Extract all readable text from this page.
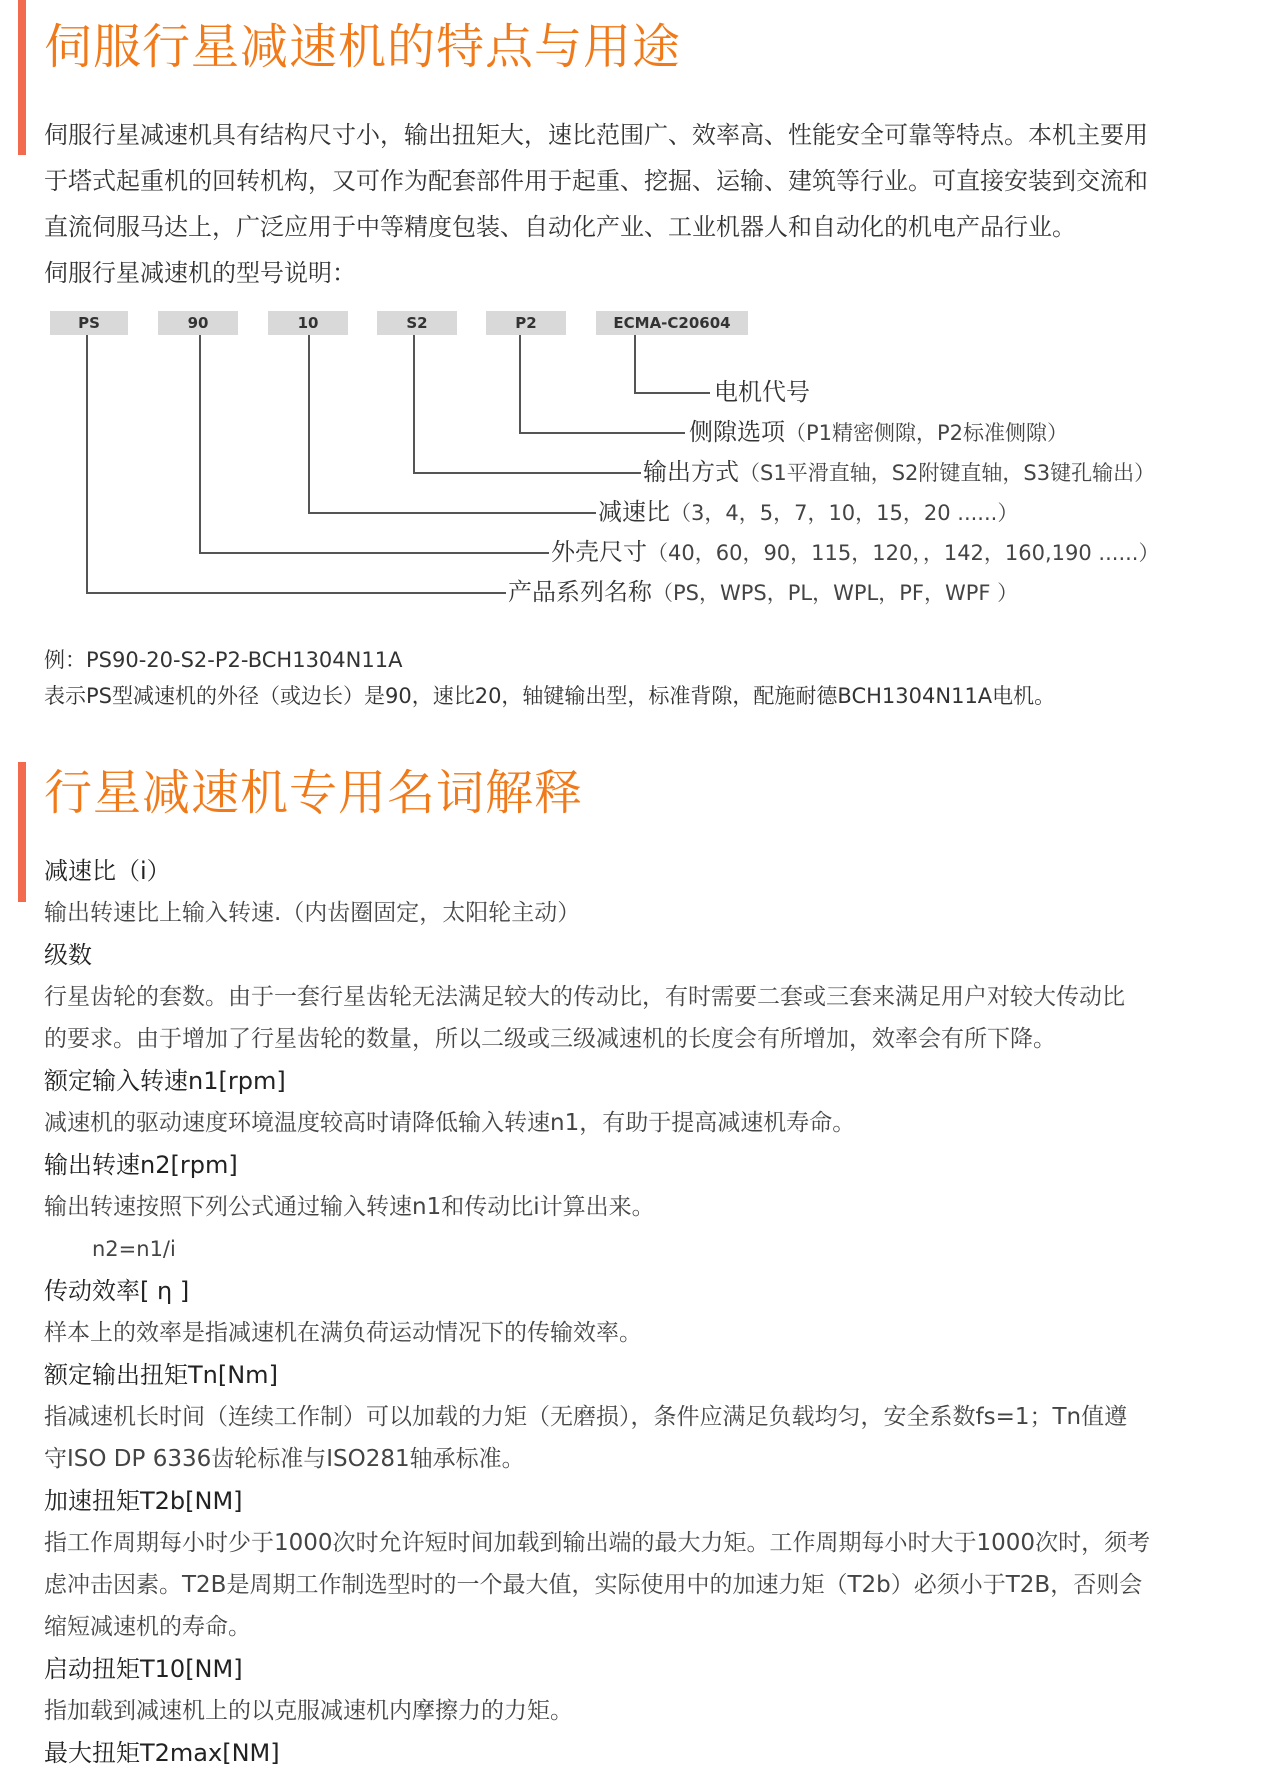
伺服行星减速机的特点与用途

伺服行星减速机具有结构尺寸小，输出扭矩大，速比范围广、效率高、性能安全可靠等特点。本机主要用

于塔式起重机的回转机构，又可作为配套部件用于起重、挖掘、运输、建筑等行业。可直接安装到交流和

直流伺服马达上，广泛应用于中等精度包装、自动化产业、工业机器人和自动化的机电产品行业。

伺服行星减速机的型号说明：

PS	90	10	S2	P2	ECMA-C20604
电机代号
侧隙选项（P1精密侧隙，P2标准侧隙）
输出方式（S1平滑直轴，S2附键直轴，S3键孔输出）
减速比（3，4，5，7，10，15，20 ......）
外壳尺寸（40，60，90，115，120，，142，160,190 ......）
产品系列名称（PS，WPS，PL，WPL，PF，WPF ）
例：PS90-20-S2-P2-BCH1304N11A
表示PS型减速机的外径（或边长）是90，速比20，轴键输出型，标准背隙，配施耐德BCH1304N11A电机。
行星减速机专用名词解释
减速比（i）

输出转速比上输入转速.（内齿圈固定，太阳轮主动）

级数

行星齿轮的套数。由于一套行星齿轮无法满足较大的传动比，有时需要二套或三套来满足用户对较大传动比

的要求。由于增加了行星齿轮的数量，所以二级或三级减速机的长度会有所增加，效率会有所下降。

额定输入转速n1[rpm]

减速机的驱动速度环境温度较高时请降低输入转速n1，有助于提高减速机寿命。

输出转速n2[rpm]

输出转速按照下列公式通过输入转速n1和传动比i计算出来。

n2=n1/i
传动效率[ η ]

样本上的效率是指减速机在满负荷运动情况下的传输效率。

额定输出扭矩Tn[Nm]

指减速机长时间（连续工作制）可以加载的力矩（无磨损），条件应满足负载均匀，安全系数fs=1；Tn值遵

守ISO DP 6336齿轮标准与ISO281轴承标准。

加速扭矩T2b[NM]

指工作周期每小时少于1000次时允许短时间加载到输出端的最大力矩。工作周期每小时大于1000次时，须考

虑冲击因素。T2B是周期工作制选型时的一个最大值，实际使用中的加速力矩（T2b）必须小于T2B，否则会

缩短减速机的寿命。

启动扭矩T10[NM]

指加载到减速机上的以克服减速机内摩擦力的力矩。

最大扭矩T2max[NM]
